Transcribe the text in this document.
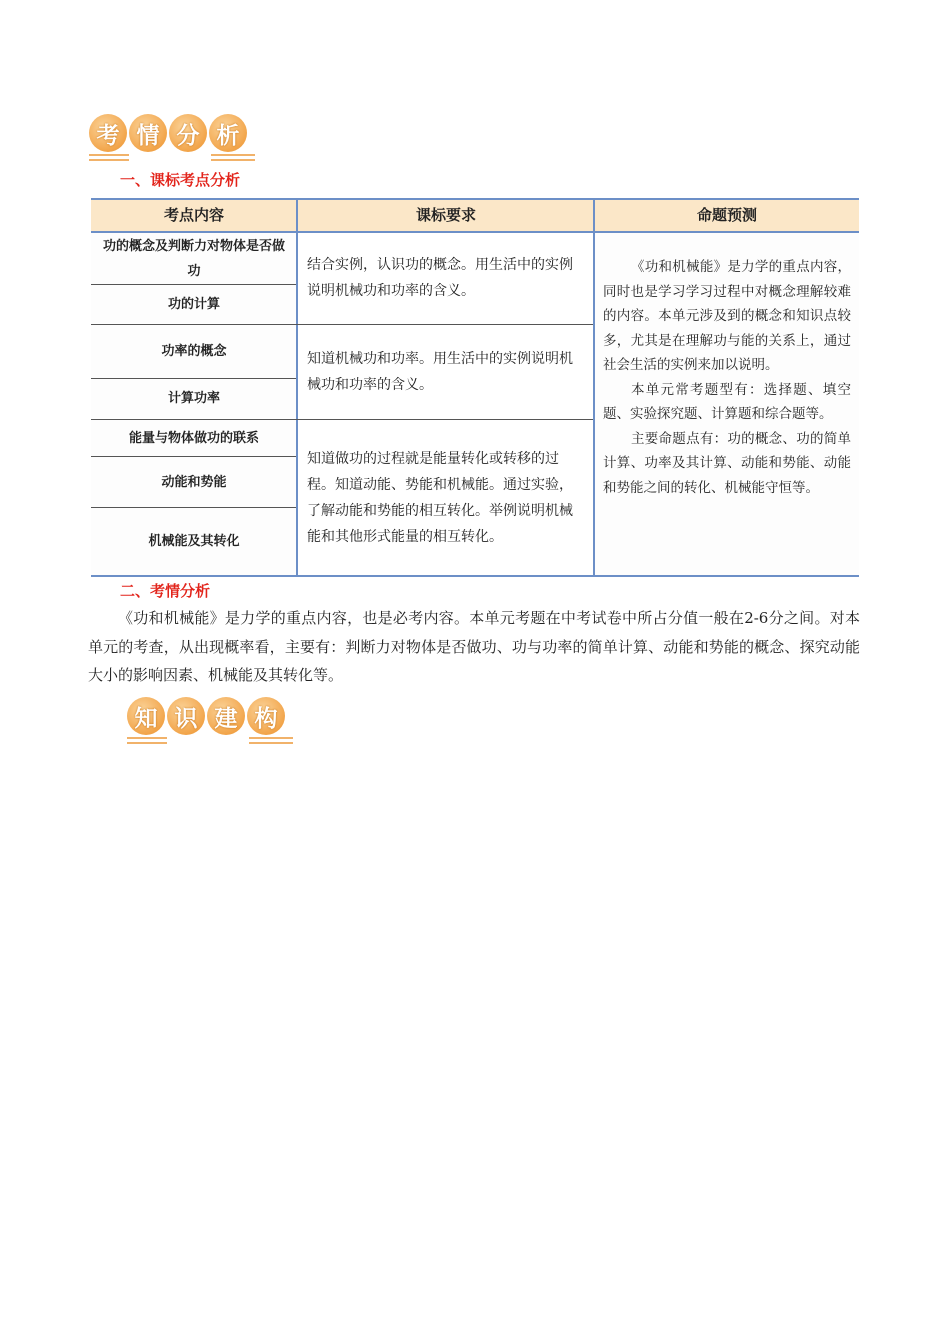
考 情 分 析
一、课标考点分析
考点内容	课标要求	命题预测
功的概念及判断力对物体是否做功
功的计算
功率的概念
计算功率
能量与物体做功的联系
动能和势能
机械能及其转化
结合实例，认识功的概念。用生活中的实例说明机械功和功率的含义。
知道机械功和功率。用生活中的实例说明机械功和功率的含义。
知道做功的过程就是能量转化或转移的过程。知道动能、势能和机械能。通过实验，了解动能和势能的相互转化。举例说明机械能和其他形式能量的相互转化。

《功和机械能》是力学的重点内容，同时也是学习学习过程中对概念理解较难的内容。本单元涉及到的概念和知识点较多，尤其是在理解功与能的关系上，通过社会生活的实例来加以说明。

本单元常考题型有：选择题、填空题、实验探究题、计算题和综合题等。

主要命题点有：功的概念、功的简单计算、功率及其计算、动能和势能、动能和势能之间的转化、机械能守恒等。

二、考情分析

《功和机械能》是力学的重点内容，也是必考内容。本单元考题在中考试卷中所占分值一般在2-6分之间。对本单元的考查，从出现概率看，主要有：判断力对物体是否做功、功与功率的简单计算、动能和势能的概念、探究动能大小的影响因素、机械能及其转化等。

知 识 建 构
